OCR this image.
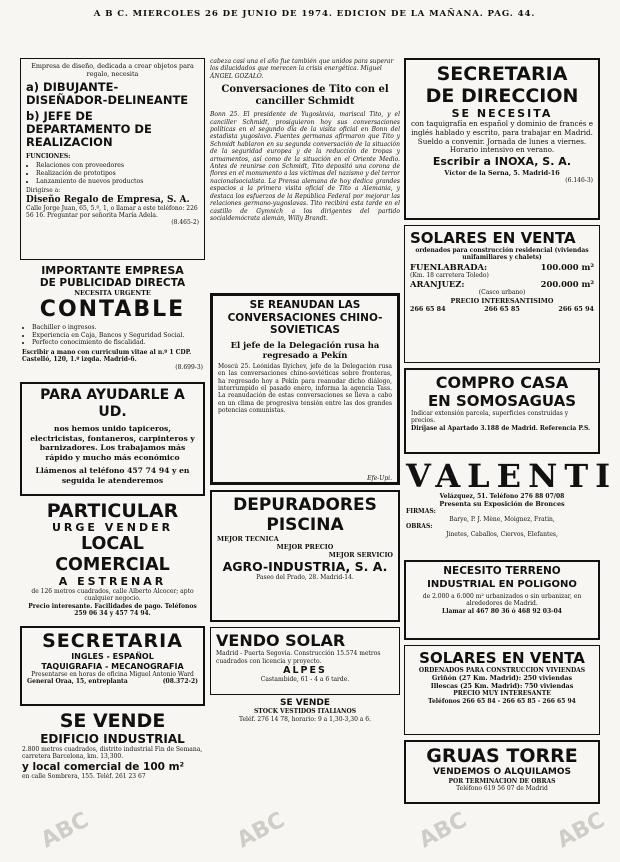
A B C. MIERCOLES 26 DE JUNIO DE 1974. EDICION DE LA MAÑANA. PAG. 44.
Empresa de diseño, dedicada a crear objetos para regalo, necesita
a) DIBUJANTE-DISEÑADOR-DELINEANTE
b) JEFE DE DEPARTAMENTO DE REALIZACION
FUNCIONES:
• Relaciones con proveedores
• Realización de prototipos
• Lanzamiento de nuevos productos
Dirigirse a:
Diseño Regalo de Empresa, S. A.
Calle Jorge Juan, 65, 5.º, 1, o llamar a este teléfono: 226 56 16. Preguntar por señorita María Adela.
(8.465-2)
IMPORTANTE EMPRESA
DE PUBLICIDAD DIRECTA
NECESITA URGENTE
CONTABLE
• Bachiller o ingresos.
• Experiencia en Caja, Bancos y Seguridad Social.
• Perfecto conocimiento de fiscalidad.
Escribir a mano con curriculum vitae al n.º 1 CDP. Castelló, 120, 1.º izqda. Madrid-6.
(8.699-3)
PARA AYUDARLE A UD.
nos hemos unido tapiceros, electricistas, fontaneros, carpinteros y barnizadores. Los trabajamos más rápido y mucho más económico
Llámenos al teléfono 457 74 94 y en seguida le atenderemos
PARTICULAR
URGE VENDER
LOCAL COMERCIAL
A ESTRENAR
de 126 metros cuadrados, calle Alberto Alcocer; apto cualquier negocio.
Precio interesante. Facilidades de pago. Teléfonos 259 06 34 y 457 74 94.
SECRETARIA
INGLES - ESPAÑOL
TAQUIGRAFIA - MECANOGRAFIA
Presentarse en horas de oficina Miguel Antonio Ward
General Oraa, 15, entreplanta	(08.372-2)
SE VENDE
EDIFICIO INDUSTRIAL
2.800 metros cuadrados, distrito industrial Fin de Semana, carretera Barcelona, km. 13,300.
y local comercial de 100 m²
en calle Sombrera, 155. Teléf. 261 23 67
cabeza casi una el año fue también que unidos para superar los dilucidados que merecen la crisis energética. Miguel ÁNGEL GOZALO.
Conversaciones de Tito con el canciller Schmidt
Bonn 25. El presidente de Yugoslavia, mariscal Tito, y el canciller Schmidt, prosiguieron hoy sus conversaciones políticas en el segundo día de la visita oficial en Bonn del estadista yugoslavo. Fuentes germanas afirmaron que Tito y Schmidt hablaron en su segunda conversación de la situación de la seguridad europea y de la reducción de tropas y armamentos, así como de la situación en el Oriente Medio. Antes de reunirse con Schmidt, Tito depositó una corona de flores en el monumento a las víctimas del nazismo y del terror nacionalsocialista. La Prensa alemana de hoy dedica grandes espacios a la primera visita oficial de Tito a Alemania, y destaca los esfuerzos de la República Federal por mejorar las relaciones germano-yugoslavas. Tito recibirá esta tarde en el castillo de Gymnich a los dirigentes del partido socialdemócrata alemán, Willy Brandt.
SE REANUDAN LAS CONVERSACIONES CHINO-SOVIETICAS
El jefe de la Delegación rusa ha regresado a Pekín
Moscú 25. Leónidas Ilyichev, jefe de la Delegación rusa en las conversaciones chino-soviéticas sobre fronteras, ha regresado hoy a Pekín para reanudar dicho diálogo, interrumpido el pasado enero, informa la agencia Tass. La reanudación de estas conversaciones se lleva a cabo en un clima de progresiva tensión entre las dos grandes potencias comunistas.
Efe-Upi.
DEPURADORES
PISCINA
MEJOR TECNICA
MEJOR PRECIO
MEJOR SERVICIO
AGRO-INDUSTRIA, S. A.
Paseo del Prado, 28. Madrid-14.
VENDO SOLAR
Madrid - Puerta Segovia. Construcción 15.574 metros cuadrados con licencia y proyecto.
ALPES
Castambide, 61 - 4 a 6 tarde.
SE VENDE
STOCK VESTIDOS ITALIANOS
Teléf. 276 14 78, horario: 9 a 1,30-3,30 a 6.
SECRETARIA
DE DIRECCION
SE NECESITA
con taquigrafía en español y dominio de francés e inglés hablado y escrito, para trabajar en Madrid. Sueldo a convenir. Jornada de lunes a viernes. Horario intensivo en verano.
Escribir a INOXA, S. A.
Víctor de la Serna, 5. Madrid-16
(6.146-3)
SOLARES EN VENTA
ordenados para construcción residencial (viviendas unifamiliares y chalets)
FUENLABRADA:	100.000 m²
(Km. 18 carretera Toledo)
ARANJUEZ:	200.000 m²
(Casco urbano)
PRECIO INTERESANTISIMO
266 65 84	266 65 85	266 65 94
COMPRO CASA
EN SOMOSAGUAS
Indicar extensión parcela, superficies construidas y precios.
Diríjase al Apartado 3.188 de Madrid. Referencia P.S.
VALENTI
Velázquez, 51. Teléfono 276 88 07/08
Presenta su Exposición de Bronces
FIRMAS:
Barye, P. J. Mène, Moignez, Fratin,
OBRAS:
Jinetes, Caballos, Ciervos, Elefantes,
NECESITO TERRENO
INDUSTRIAL EN POLIGONO
de 2.000 a 6.000 m² urbanizados o sin urbanizar, en alrededores de Madrid.
Llamar al 467 80 36 ó 468 92 03-04
SOLARES EN VENTA
ORDENADOS PARA CONSTRUCCION VIVIENDAS
Griñón (27 Km. Madrid): 250 viviendas
Illescas (25 Km. Madrid): 750 viviendas
PRECIO MUY INTERESANTE
Teléfonos 266 65 84 - 266 65 85 - 266 65 94
GRUAS TORRE
VENDEMOS O ALQUILAMOS
POR TERMINACION DE OBRAS
Teléfono 619 56 07 de Madrid
ABC	ABC	ABC	ABC
